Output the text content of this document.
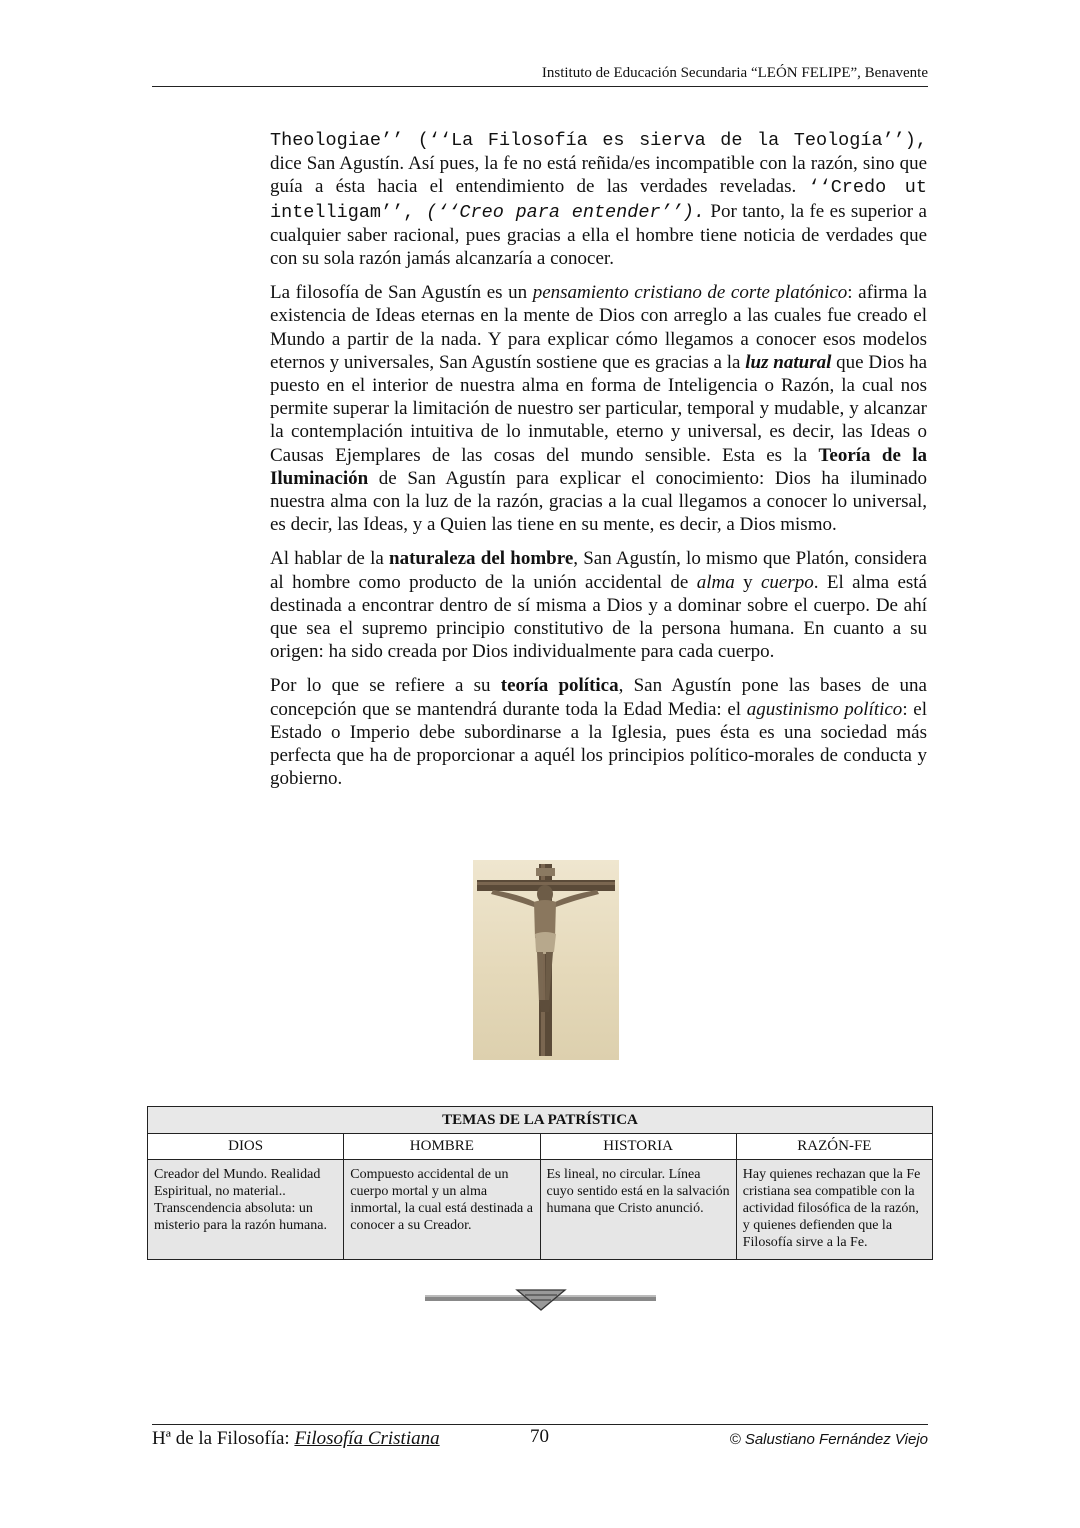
Instituto de Educación Secundaria “LEÓN FELIPE”, Benavente

Theologiae’’ (‘‘La Filosofía es sierva de la Teología’’), dice San Agustín. Así pues, la fe no está reñida/es incompatible con la razón, sino que guía a ésta hacia el entendimiento de las verdades reveladas. ‘‘Credo ut intelligam’’, (‘‘Creo para entender’’). Por tanto, la fe es superior a cualquier saber racional, pues gracias a ella el hombre tiene noticia de verdades que con su sola razón jamás alcanzaría a conocer.

La filosofía de San Agustín es un pensamiento cristiano de corte platónico: afirma la existencia de Ideas eternas en la mente de Dios con arreglo a las cuales fue creado el Mundo a partir de la nada. Y para explicar cómo llegamos a conocer esos modelos eternos y universales, San Agustín sostiene que es gracias a la luz natural que Dios ha puesto en el interior de nuestra alma en forma de Inteligencia o Razón, la cual nos permite superar la limitación de nuestro ser particular, temporal y mudable, y alcanzar la contemplación intuitiva de lo inmutable, eterno y universal, es decir, las Ideas o Causas Ejemplares de las cosas del mundo sensible. Esta es la Teoría de la Iluminación de San Agustín para explicar el conocimiento: Dios ha iluminado nuestra alma con la luz de la razón, gracias a la cual llegamos a conocer lo universal, es decir, las Ideas, y a Quien las tiene en su mente, es decir, a Dios mismo.

Al hablar de la naturaleza del hombre, San Agustín, lo mismo que Platón, considera al hombre como producto de la unión accidental de alma y cuerpo. El alma está destinada a encontrar dentro de sí misma a Dios y a dominar sobre el cuerpo. De ahí que sea el supremo principio constitutivo de la persona humana. En cuanto a su origen: ha sido creada por Dios individualmente para cada cuerpo.

Por lo que se refiere a su teoría política, San Agustín pone las bases de una concepción que se mantendrá durante toda la Edad Media: el agustinismo político: el Estado o Imperio debe subordinarse a la Iglesia, pues ésta es una sociedad más perfecta que ha de proporcionar a aquél los principios político-morales de conducta y gobierno.

TEMAS DE LA PATRÍSTICA			
DIOS	HOMBRE	HISTORIA	RAZÓN-FE
Creador del Mundo. Realidad Espiritual, no material.. Transcendencia absoluta: un misterio para la razón humana.	Compuesto accidental de un cuerpo mortal y un alma inmortal, la cual está destinada a conocer a su Creador.	Es lineal, no circular. Línea cuyo sentido está en la salvación humana que Cristo anunció.	Hay quienes rechazan que la Fe cristiana sea compatible con la actividad filosófica de la razón, y quienes defienden que la Filosofía sirve a la Fe.
Hª de la Filosofía: Filosofía Cristiana	70	© Salustiano Fernández Viejo
